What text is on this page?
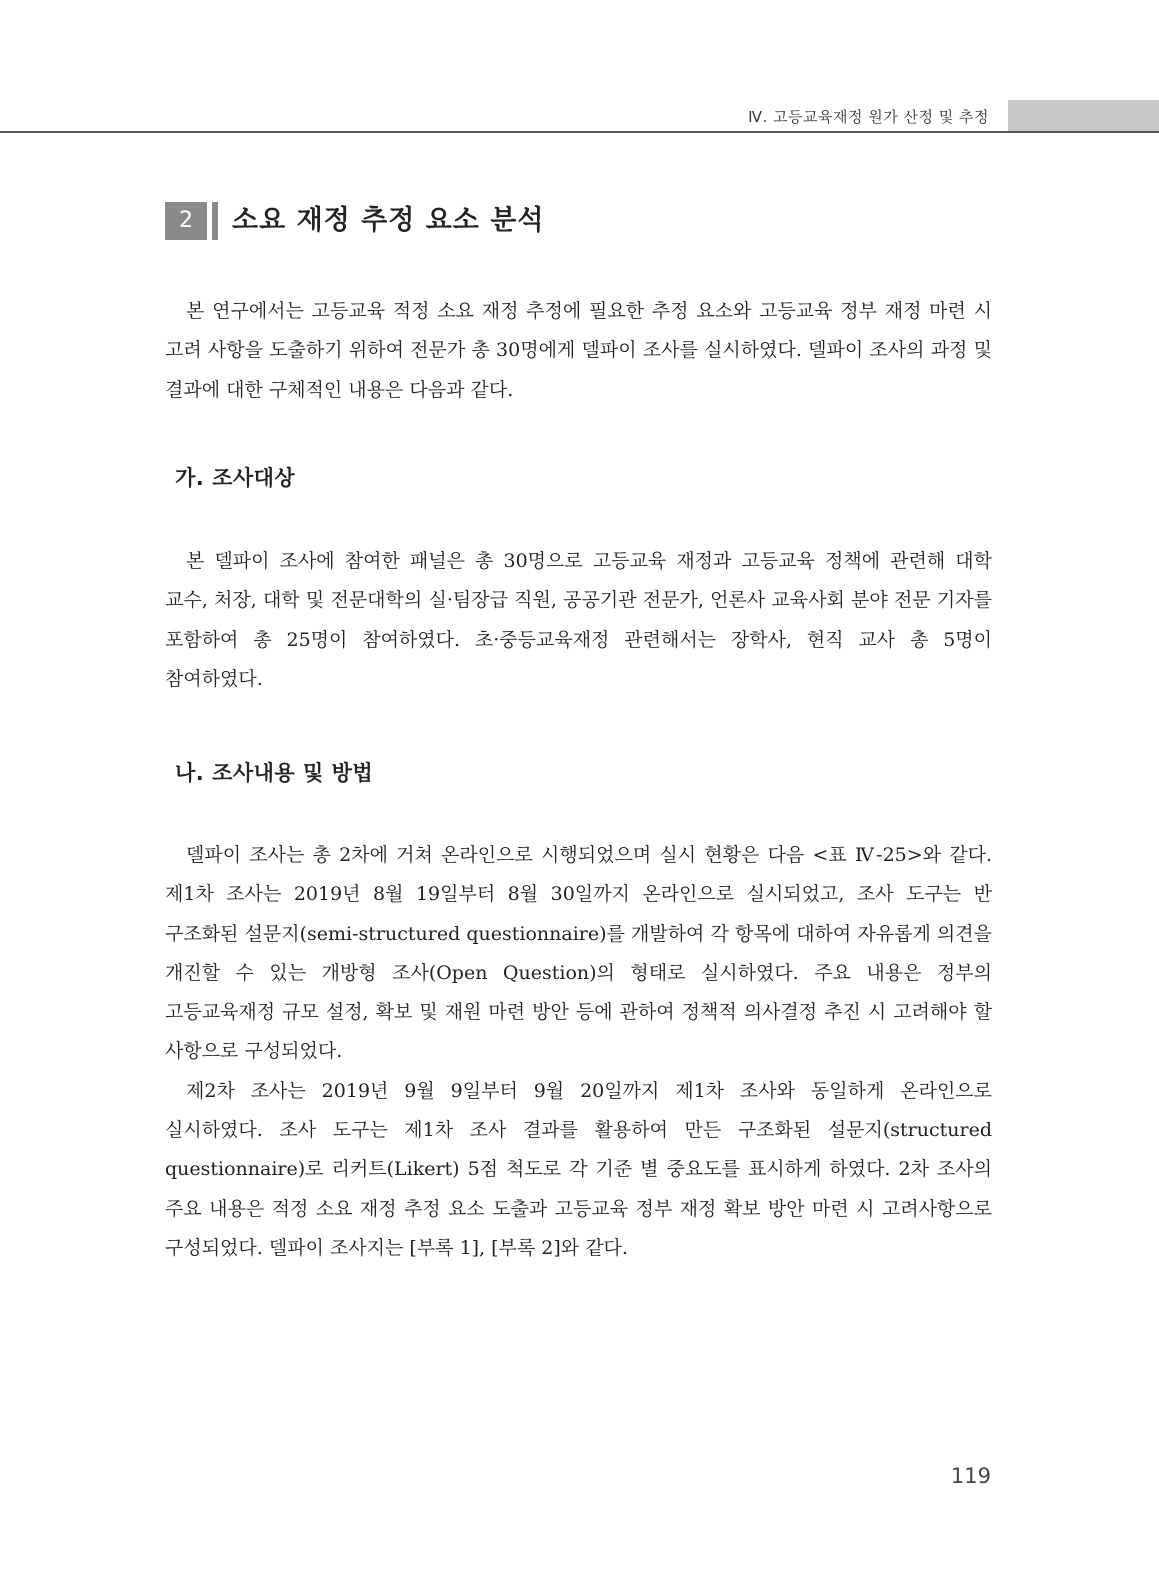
Ⅳ. 고등교육재정 원가 산정 및 추정
2	소요 재정 추정 요소 분석

본 연구에서는 고등교육 적정 소요 재정 추정에 필요한 추정 요소와 고등교육 정부 재정 마련 시 고려 사항을 도출하기 위하여 전문가 총 30명에게 델파이 조사를 실시하였다. 델파이 조사의 과정 및 결과에 대한 구체적인 내용은 다음과 같다.

가. 조사대상

본 델파이 조사에 참여한 패널은 총 30명으로 고등교육 재정과 고등교육 정책에 관련해 대학 교수, 처장, 대학 및 전문대학의 실·팀장급 직원, 공공기관 전문가, 언론사 교육사회 분야 전문 기자를 포함하여 총 25명이 참여하였다. 초·중등교육재정 관련해서는 장학사, 현직 교사 총 5명이 참여하였다.

나. 조사내용 및 방법

델파이 조사는 총 2차에 거쳐 온라인으로 시행되었으며 실시 현황은 다음 <표 Ⅳ-25>와 같다. 제1차 조사는 2019년 8월 19일부터 8월 30일까지 온라인으로 실시되었고, 조사 도구는 반 구조화된 설문지(semi-structured questionnaire)를 개발하여 각 항목에 대하여 자유롭게 의견을 개진할 수 있는 개방형 조사(Open Question)의 형태로 실시하였다. 주요 내용은 정부의 고등교육재정 규모 설정, 확보 및 재원 마련 방안 등에 관하여 정책적 의사결정 추진 시 고려해야 할 사항으로 구성되었다.

제2차 조사는 2019년 9월 9일부터 9월 20일까지 제1차 조사와 동일하게 온라인으로 실시하였다. 조사 도구는 제1차 조사 결과를 활용하여 만든 구조화된 설문지(structured questionnaire)로 리커트(Likert) 5점 척도로 각 기준 별 중요도를 표시하게 하였다. 2차 조사의 주요 내용은 적정 소요 재정 추정 요소 도출과 고등교육 정부 재정 확보 방안 마련 시 고려사항으로 구성되었다. 델파이 조사지는 [부록 1], [부록 2]와 같다.

119
